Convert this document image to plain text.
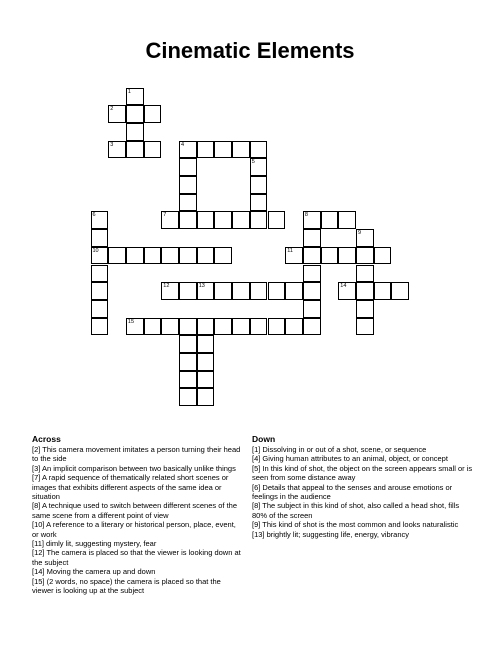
Cinematic Elements
1
2
3	4
5
6	7	8
9
10	11
12	13	14
15
Across
[2] This camera movement imitates a person turning their head to the side
[3] An implicit comparison between two basically unlike things
[7] A rapid sequence of thematically related short scenes or images that exhibits different aspects of the same idea or situation
[8] A technique used to switch between different scenes of the same scene from a different point of view
[10] A reference to a literary or historical person, place, event, or work
[11] dimly lit, suggesting mystery, fear
[12] The camera is placed so that the viewer is looking down at the subject
[14] Moving the camera up and down
[15] (2 words, no space) the camera is placed so that the viewer is looking up at the subject
Down
[1] Dissolving in or out of a shot, scene, or sequence
[4] Giving human attributes to an animal, object, or concept
[5] In this kind of shot, the object on the screen appears small or is seen from some distance away
[6] Details that appeal to the senses and arouse emotions or feelings in the audience
[8] The subject in this kind of shot, also called a head shot, fills 80% of the screen
[9] This kind of shot is the most common and looks naturalistic
[13] brightly lit; suggesting life, energy, vibrancy
